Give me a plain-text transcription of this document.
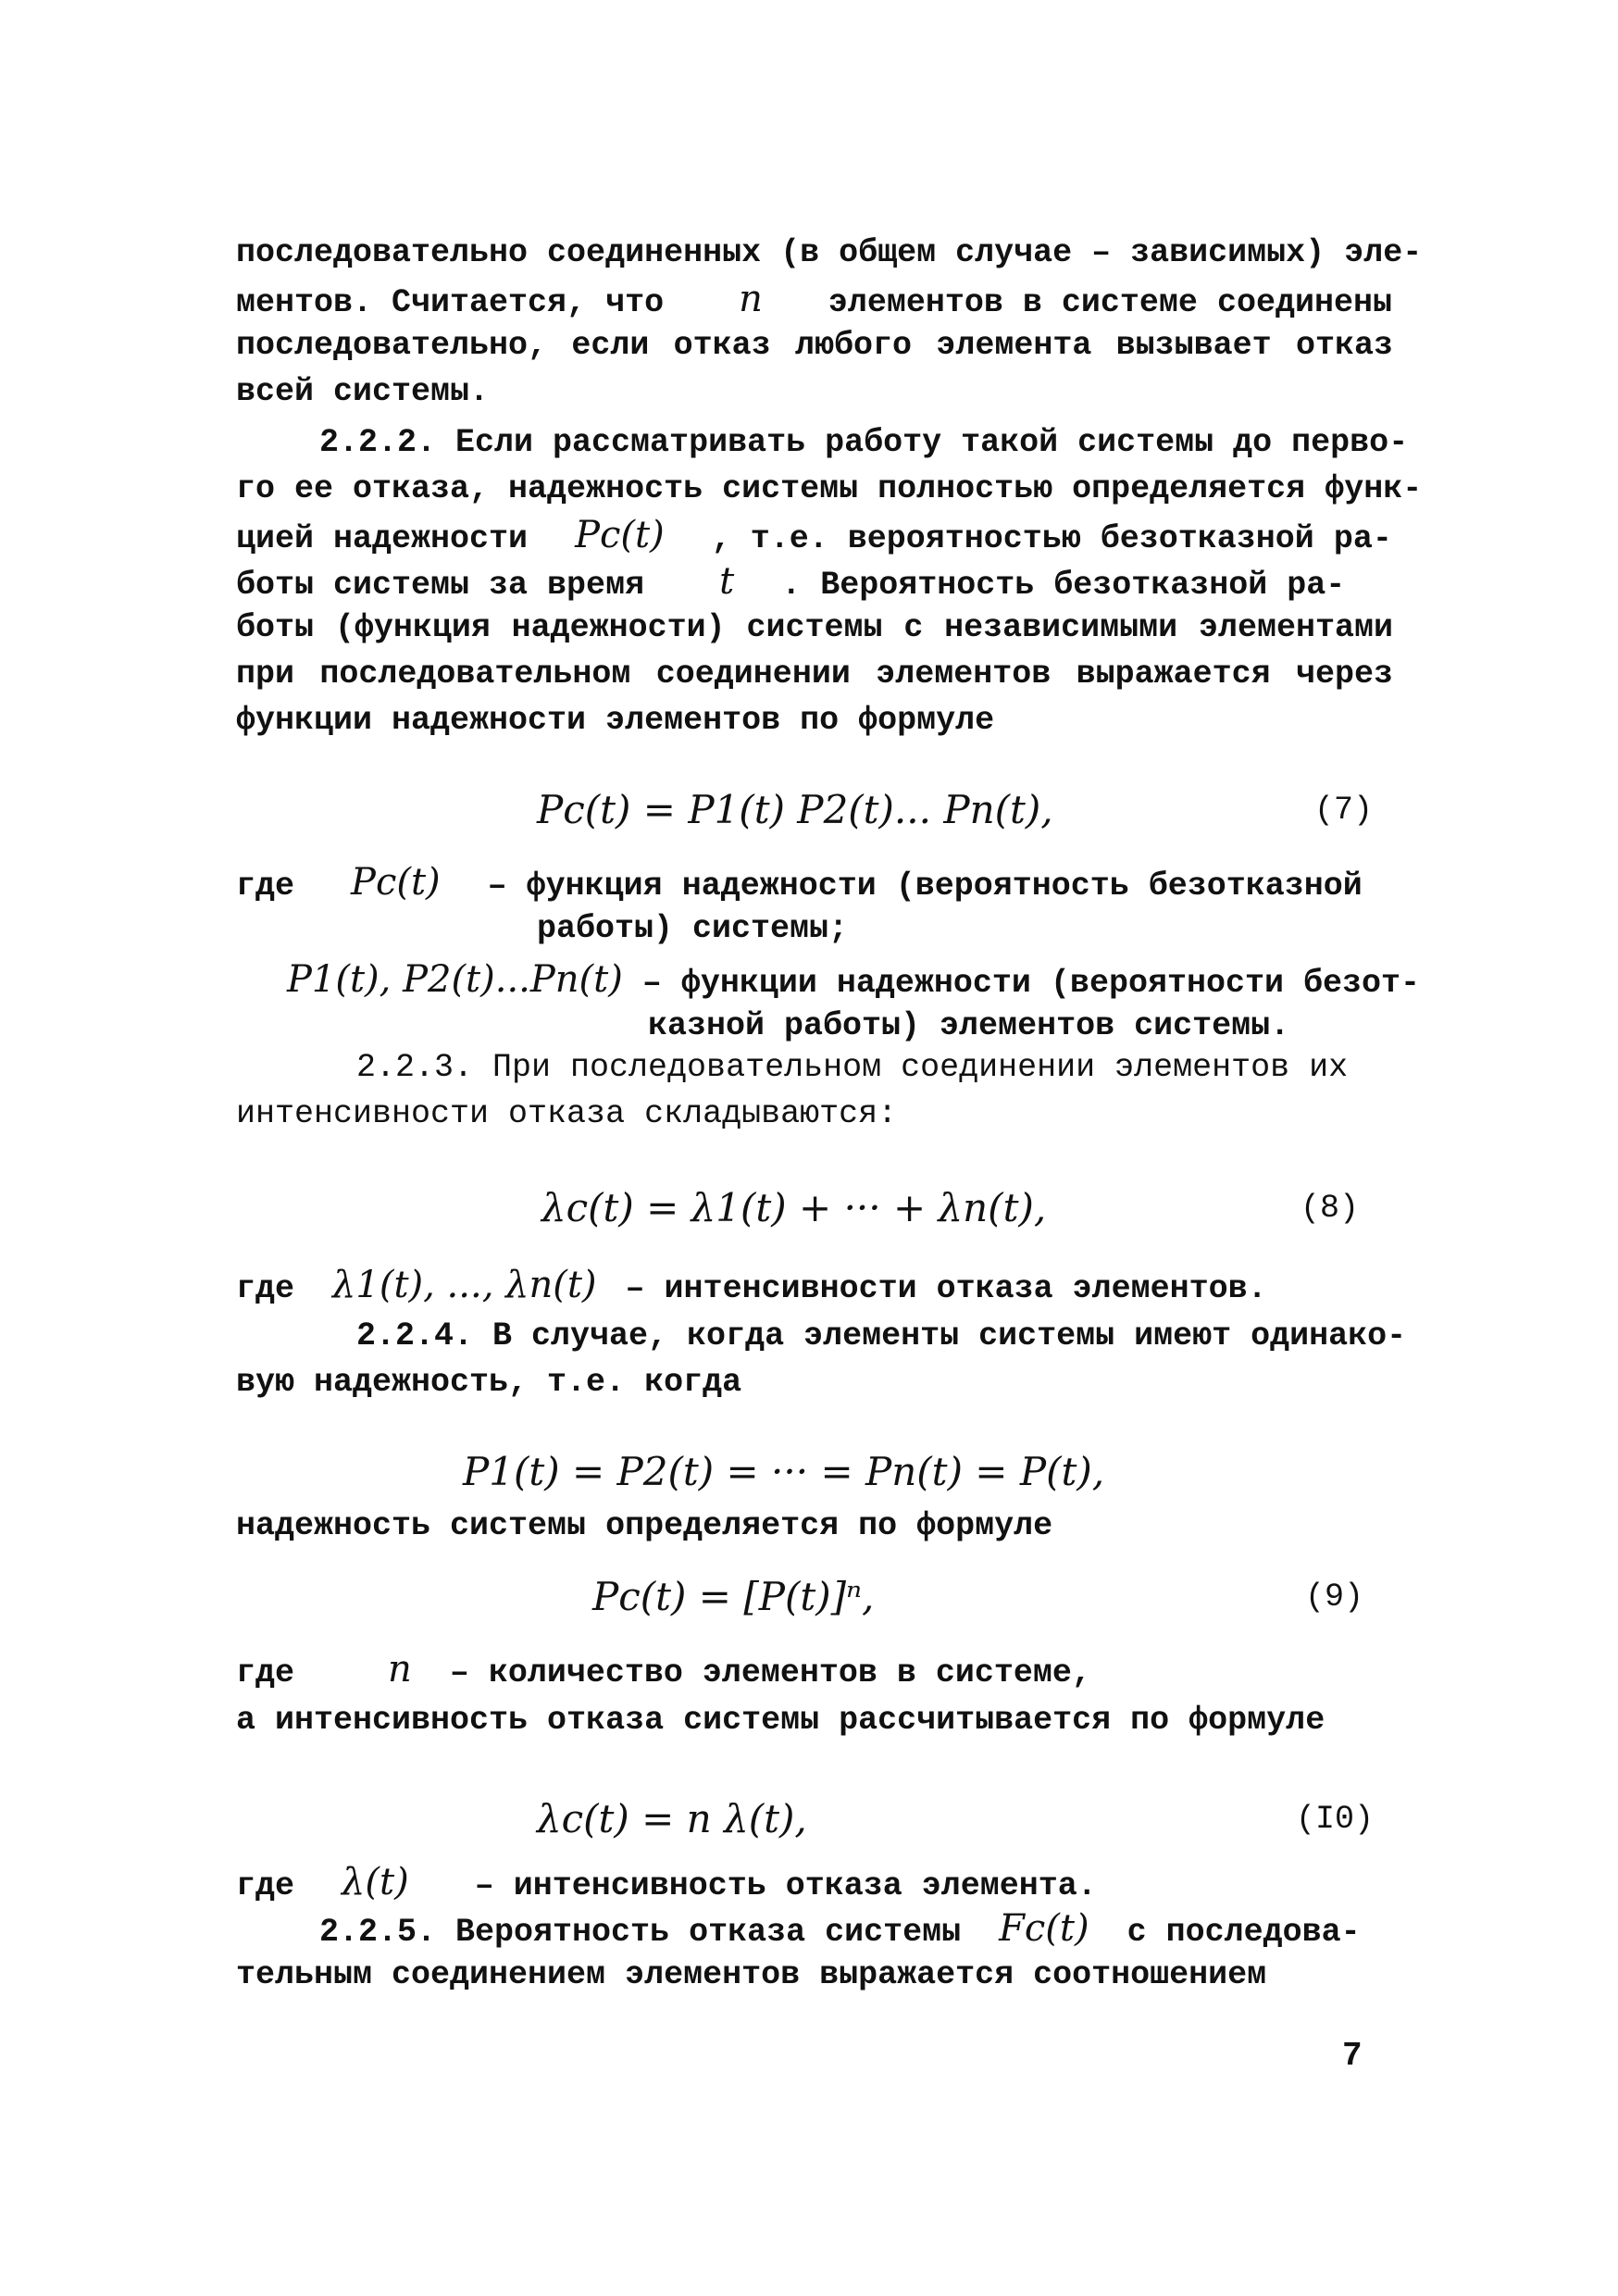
последовательно соединенных (в общем случае – зависимых) эле-
ментов. Считается, что n элементов в системе соединены
последовательно, если отказ любого элемента вызывает отказ
всей системы.
2.2.2. Если рассматривать работу такой системы до перво-
го ее отказа, надежность системы полностью определяется функ-
цией надежности Pc(t) , т.е. вероятностью безотказной ра-
боты системы за время t . Вероятность безотказной ра-
боты (функция надежности) системы с независимыми элементами
при последовательном соединении элементов выражается через
функции надежности элементов по формуле
Pc(t) = P1(t) P2(t)... Pn(t),	(7)
где Pc(t) – функция надежности (вероятность безотказной
работы) системы;
P1(t), P2(t)...Pn(t) – функции надежности (вероятности безот-
казной работы) элементов системы.
2.2.3. При последовательном соединении элементов их
интенсивности отказа складываются:
λc(t) = λ1(t) + ··· + λn(t),	(8)
где λ1(t), ..., λn(t) – интенсивности отказа элементов.
2.2.4. В случае, когда элементы системы имеют одинако-
вую надежность, т.е. когда
P1(t) = P2(t) = ··· = Pn(t) = P(t),
надежность системы определяется по формуле
Pc(t) = [P(t)]ⁿ,	(9)
где	n – количество элементов в системе,
а интенсивность отказа системы рассчитывается по формуле
λc(t) = n λ(t),	(I0)
где λ(t) – интенсивность отказа элемента.
2.2.5. Вероятность отказа системы Fc(t) с последова-
тельным соединением элементов выражается соотношением
7
